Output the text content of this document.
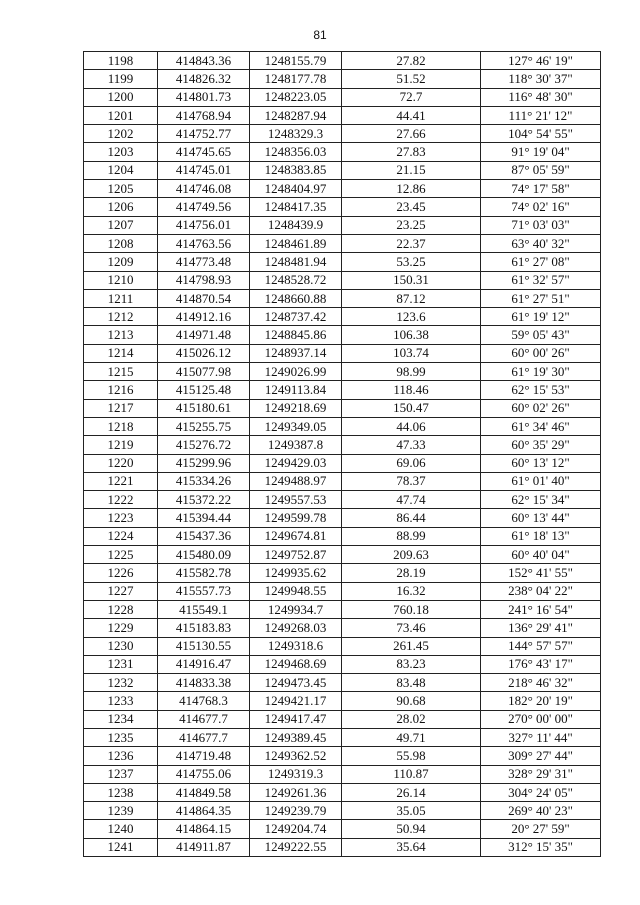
81
1198	414843.36	1248155.79	27.82	127° 46' 19"
1199	414826.32	1248177.78	51.52	118° 30' 37"
1200	414801.73	1248223.05	72.7	116° 48' 30"
1201	414768.94	1248287.94	44.41	111° 21' 12"
1202	414752.77	1248329.3	27.66	104° 54' 55"
1203	414745.65	1248356.03	27.83	91° 19' 04"
1204	414745.01	1248383.85	21.15	87° 05' 59"
1205	414746.08	1248404.97	12.86	74° 17' 58"
1206	414749.56	1248417.35	23.45	74° 02' 16"
1207	414756.01	1248439.9	23.25	71° 03' 03"
1208	414763.56	1248461.89	22.37	63° 40' 32"
1209	414773.48	1248481.94	53.25	61° 27' 08"
1210	414798.93	1248528.72	150.31	61° 32' 57"
1211	414870.54	1248660.88	87.12	61° 27' 51"
1212	414912.16	1248737.42	123.6	61° 19' 12"
1213	414971.48	1248845.86	106.38	59° 05' 43"
1214	415026.12	1248937.14	103.74	60° 00' 26"
1215	415077.98	1249026.99	98.99	61° 19' 30"
1216	415125.48	1249113.84	118.46	62° 15' 53"
1217	415180.61	1249218.69	150.47	60° 02' 26"
1218	415255.75	1249349.05	44.06	61° 34' 46"
1219	415276.72	1249387.8	47.33	60° 35' 29"
1220	415299.96	1249429.03	69.06	60° 13' 12"
1221	415334.26	1249488.97	78.37	61° 01' 40"
1222	415372.22	1249557.53	47.74	62° 15' 34"
1223	415394.44	1249599.78	86.44	60° 13' 44"
1224	415437.36	1249674.81	88.99	61° 18' 13"
1225	415480.09	1249752.87	209.63	60° 40' 04"
1226	415582.78	1249935.62	28.19	152° 41' 55"
1227	415557.73	1249948.55	16.32	238° 04' 22"
1228	415549.1	1249934.7	760.18	241° 16' 54"
1229	415183.83	1249268.03	73.46	136° 29' 41"
1230	415130.55	1249318.6	261.45	144° 57' 57"
1231	414916.47	1249468.69	83.23	176° 43' 17"
1232	414833.38	1249473.45	83.48	218° 46' 32"
1233	414768.3	1249421.17	90.68	182° 20' 19"
1234	414677.7	1249417.47	28.02	270° 00' 00"
1235	414677.7	1249389.45	49.71	327° 11' 44"
1236	414719.48	1249362.52	55.98	309° 27' 44"
1237	414755.06	1249319.3	110.87	328° 29' 31"
1238	414849.58	1249261.36	26.14	304° 24' 05"
1239	414864.35	1249239.79	35.05	269° 40' 23"
1240	414864.15	1249204.74	50.94	20° 27' 59"
1241	414911.87	1249222.55	35.64	312° 15' 35"
